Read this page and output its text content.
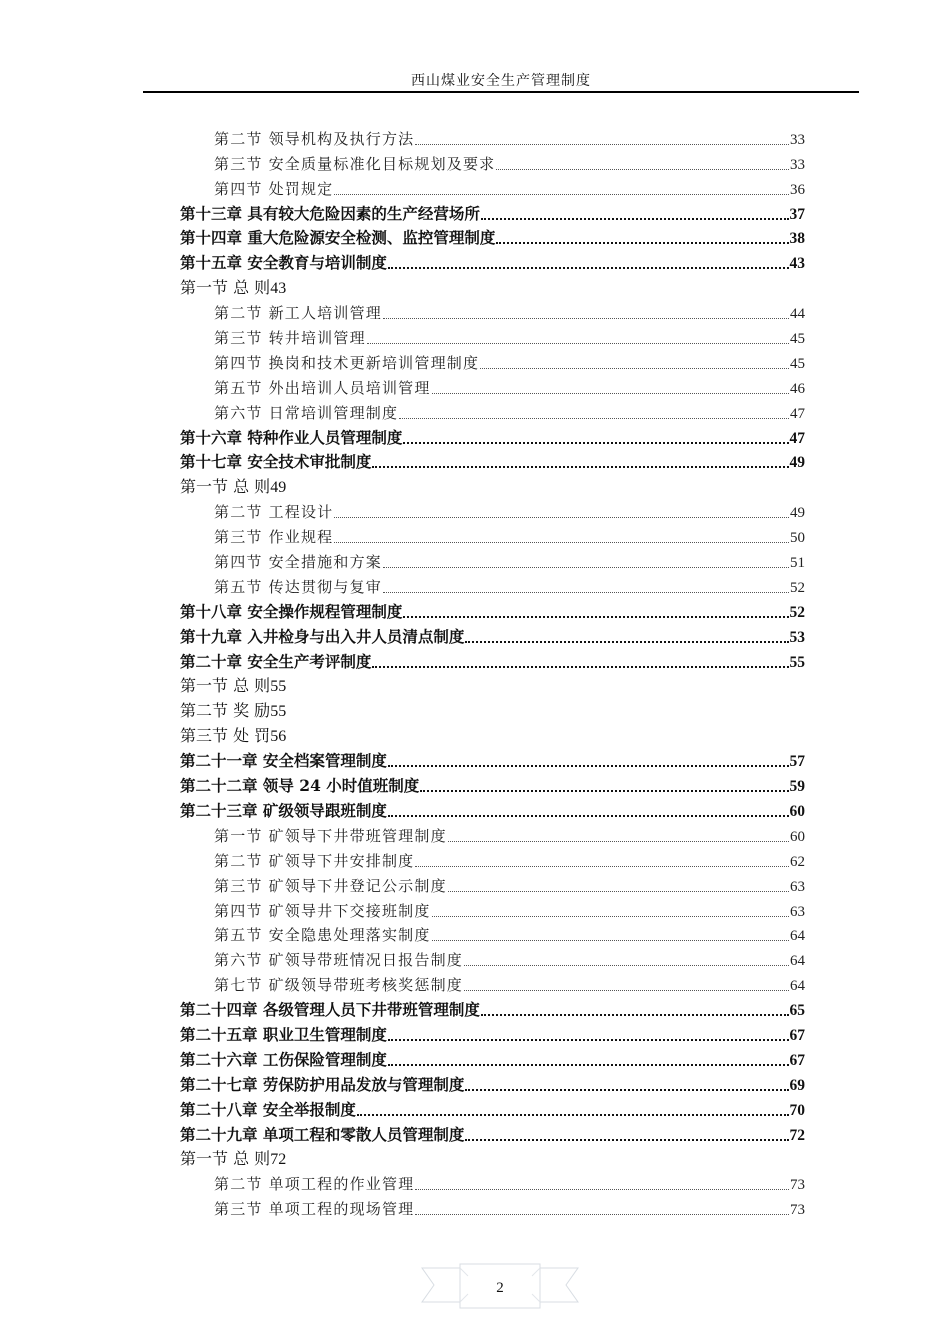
西山煤业安全生产管理制度
第二节 领导机构及执行方法	33
第三节 安全质量标准化目标规划及要求	33
第四节 处罚规定	36
第十三章 具有较大危险因素的生产经营场所	37
第十四章 重大危险源安全检测、监控管理制度	38
第十五章 安全教育与培训制度	43
第一节 总 则 43
第二节 新工人培训管理	44
第三节 转井培训管理	45
第四节 换岗和技术更新培训管理制度	45
第五节 外出培训人员培训管理	46
第六节 日常培训管理制度	47
第十六章 特种作业人员管理制度	47
第十七章 安全技术审批制度	49
第一节 总 则 49
第二节 工程设计	49
第三节 作业规程	50
第四节 安全措施和方案	51
第五节 传达贯彻与复审	52
第十八章 安全操作规程管理制度	52
第十九章 入井检身与出入井人员清点制度	53
第二十章 安全生产考评制度	55
第一节 总 则 55
第二节 奖 励 55
第三节 处 罚 56
第二十一章 安全档案管理制度	57
第二十二章 领导 24 小时值班制度	59
第二十三章 矿级领导跟班制度	60
第一节 矿领导下井带班管理制度	60
第二节 矿领导下井安排制度	62
第三节 矿领导下井登记公示制度	63
第四节 矿领导井下交接班制度	63
第五节 安全隐患处理落实制度	64
第六节 矿领导带班情况日报告制度	64
第七节 矿级领导带班考核奖惩制度	64
第二十四章 各级管理人员下井带班管理制度	65
第二十五章 职业卫生管理制度	67
第二十六章 工伤保险管理制度	67
第二十七章 劳保防护用品发放与管理制度	69
第二十八章 安全举报制度	70
第二十九章 单项工程和零散人员管理制度	72
第一节 总 则 72
第二节 单项工程的作业管理	73
第三节 单项工程的现场管理	73
2
